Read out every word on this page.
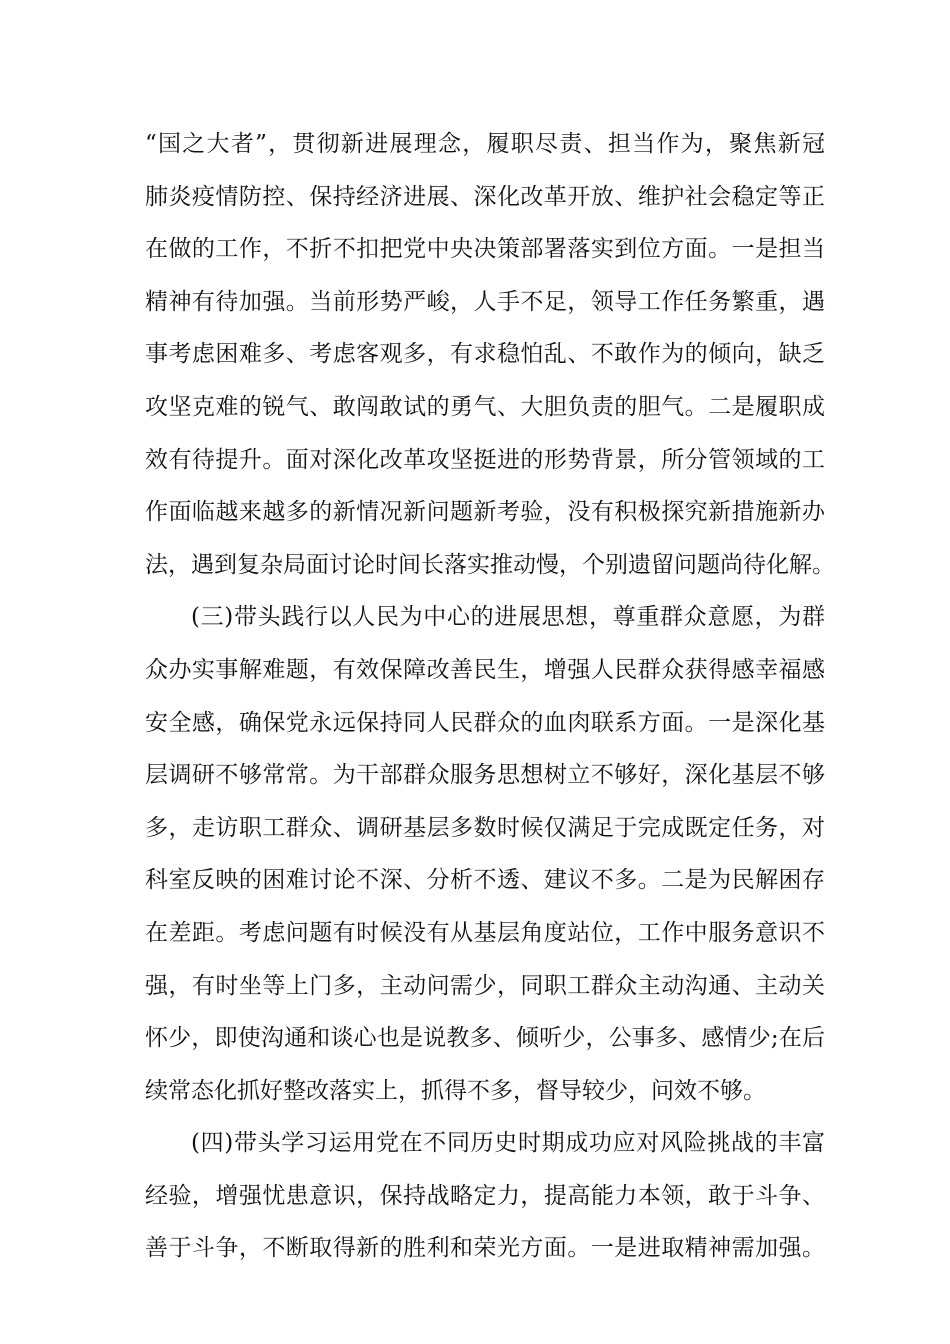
“国之大者”，贯彻新进展理念，履职尽责、担当作为，聚焦新冠
肺炎疫情防控、保持经济进展、深化改革开放、维护社会稳定等正
在做的工作，不折不扣把党中央决策部署落实到位方面。一是担当
精神有待加强。当前形势严峻，人手不足，领导工作任务繁重，遇
事考虑困难多、考虑客观多，有求稳怕乱、不敢作为的倾向，缺乏
攻坚克难的锐气、敢闯敢试的勇气、大胆负责的胆气。二是履职成
效有待提升。面对深化改革攻坚挺进的形势背景，所分管领域的工
作面临越来越多的新情况新问题新考验，没有积极探究新措施新办
法，遇到复杂局面讨论时间长落实推动慢，个别遗留问题尚待化解。
(三)带头践行以人民为中心的进展思想，尊重群众意愿，为群
众办实事解难题，有效保障改善民生，增强人民群众获得感幸福感
安全感，确保党永远保持同人民群众的血肉联系方面。一是深化基
层调研不够常常。为干部群众服务思想树立不够好，深化基层不够
多，走访职工群众、调研基层多数时候仅满足于完成既定任务，对
科室反映的困难讨论不深、分析不透、建议不多。二是为民解困存
在差距。考虑问题有时候没有从基层角度站位，工作中服务意识不
强，有时坐等上门多，主动问需少，同职工群众主动沟通、主动关
怀少，即使沟通和谈心也是说教多、倾听少，公事多、感情少;在后
续常态化抓好整改落实上，抓得不多，督导较少，问效不够。
(四)带头学习运用党在不同历史时期成功应对风险挑战的丰富
经验，增强忧患意识，保持战略定力，提高能力本领，敢于斗争、
善于斗争，不断取得新的胜利和荣光方面。一是进取精神需加强。
